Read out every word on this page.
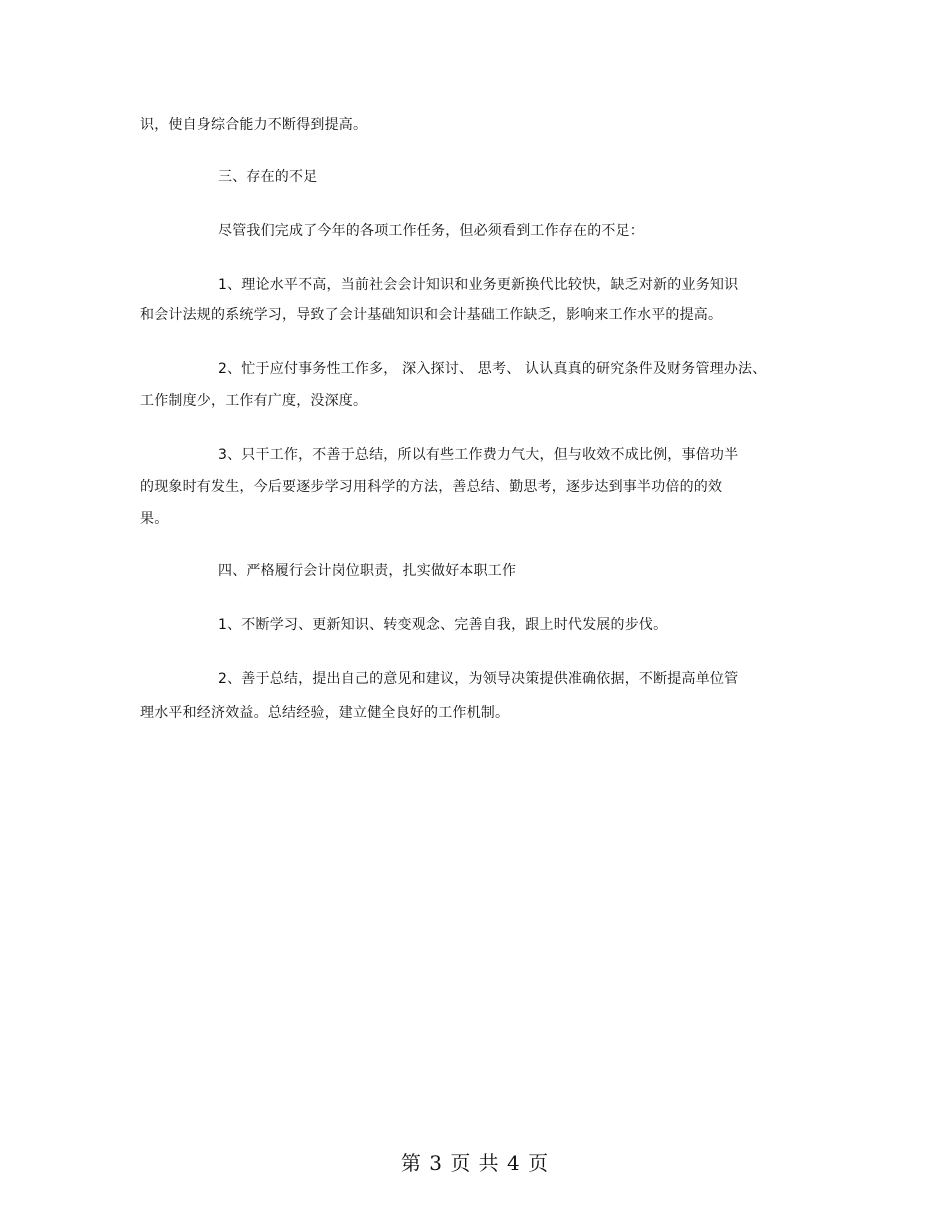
识，使自身综合能力不断得到提高。
三、存在的不足
尽管我们完成了今年的各项工作任务，但必须看到工作存在的不足：
1、理论水平不高，当前社会会计知识和业务更新换代比较快，缺乏对新的业务知识
和会计法规的系统学习，导致了会计基础知识和会计基础工作缺乏，影响来工作水平的提高。
2、忙于应付事务性工作多， 深入探讨、 思考、 认认真真的研究条件及财务管理办法、
工作制度少，工作有广度，没深度。
3、只干工作，不善于总结，所以有些工作费力气大，但与收效不成比例，事倍功半
的现象时有发生，今后要逐步学习用科学的方法，善总结、勤思考，逐步达到事半功倍的的效
果。
四、严格履行会计岗位职责，扎实做好本职工作
1、不断学习、更新知识、转变观念、完善自我，跟上时代发展的步伐。
2、善于总结，提出自己的意见和建议，为领导决策提供准确依据，不断提高单位管
理水平和经济效益。总结经验，建立健全良好的工作机制。
第 3 页 共 4 页
